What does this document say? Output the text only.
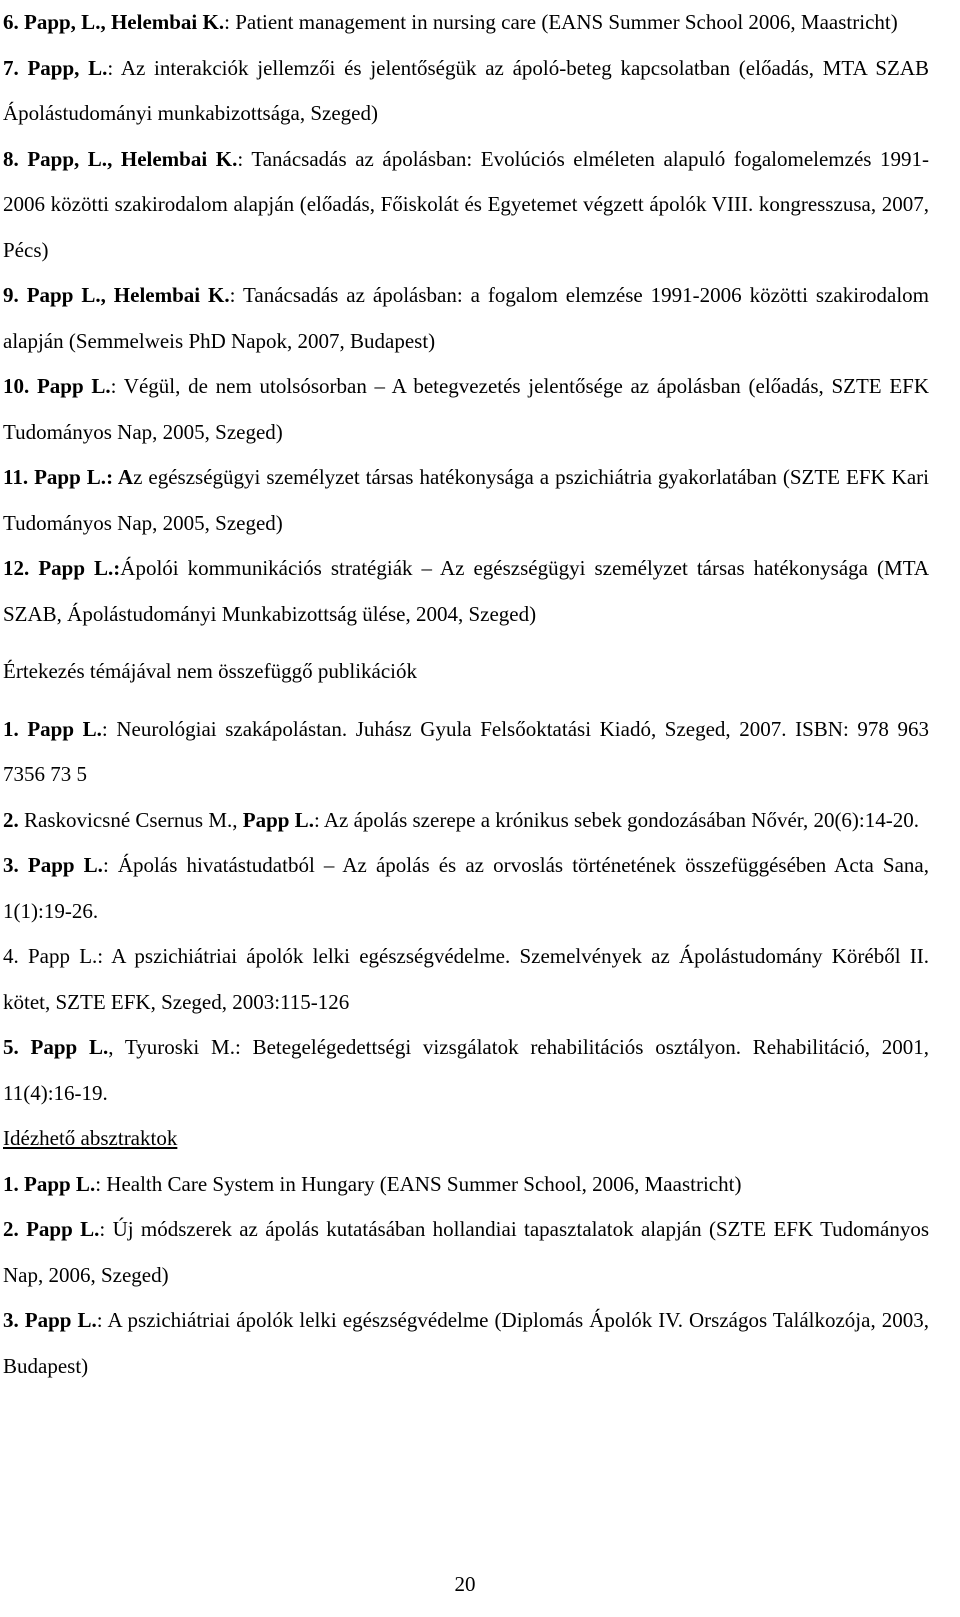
6. Papp, L., Helembai K.: Patient management in nursing care (EANS Summer School 2006, Maastricht)

7. Papp, L.: Az interakciók jellemzői és jelentőségük az ápoló-beteg kapcsolatban (előadás, MTA SZAB Ápolástudományi munkabizottsága, Szeged)

8. Papp, L., Helembai K.: Tanácsadás az ápolásban: Evolúciós elméleten alapuló fogalomelemzés 1991-2006 közötti szakirodalom alapján (előadás, Főiskolát és Egyetemet végzett ápolók VIII. kongresszusa, 2007, Pécs)

9. Papp L., Helembai K.: Tanácsadás az ápolásban: a fogalom elemzése 1991-2006 közötti szakirodalom alapján (Semmelweis PhD Napok, 2007, Budapest)

10. Papp L.: Végül, de nem utolsósorban – A betegvezetés jelentősége az ápolásban (előadás, SZTE EFK Tudományos Nap, 2005, Szeged)

11. Papp L.: Az egészségügyi személyzet társas hatékonysága a pszichiátria gyakorlatában (SZTE EFK Kari Tudományos Nap, 2005, Szeged)

12. Papp L.:Ápolói kommunikációs stratégiák – Az egészségügyi személyzet társas hatékonysága (MTA SZAB, Ápolástudományi Munkabizottság ülése, 2004, Szeged)

Értekezés témájával nem összefüggő publikációk

1. Papp L.: Neurológiai szakápolástan. Juhász Gyula Felsőoktatási Kiadó, Szeged, 2007. ISBN: 978 963 7356 73 5

2. Raskovicsné Csernus M., Papp L.: Az ápolás szerepe a krónikus sebek gondozásában Nővér, 20(6):14-20.

3. Papp L.: Ápolás hivatástudatból – Az ápolás és az orvoslás történetének összefüggésében Acta Sana, 1(1):19-26.

4. Papp L.: A pszichiátriai ápolók lelki egészségvédelme. Szemelvények az Ápolástudomány Köréből II. kötet, SZTE EFK, Szeged, 2003:115-126

5. Papp L., Tyuroski M.: Betegelégedettségi vizsgálatok rehabilitációs osztályon. Rehabilitáció, 2001, 11(4):16-19.

Idézhető absztraktok

1. Papp L.: Health Care System in Hungary (EANS Summer School, 2006, Maastricht)

2. Papp L.: Új módszerek az ápolás kutatásában hollandiai tapasztalatok alapján (SZTE EFK Tudományos Nap, 2006, Szeged)

3. Papp L.: A pszichiátriai ápolók lelki egészségvédelme (Diplomás Ápolók IV. Országos Találkozója, 2003, Budapest)

20
